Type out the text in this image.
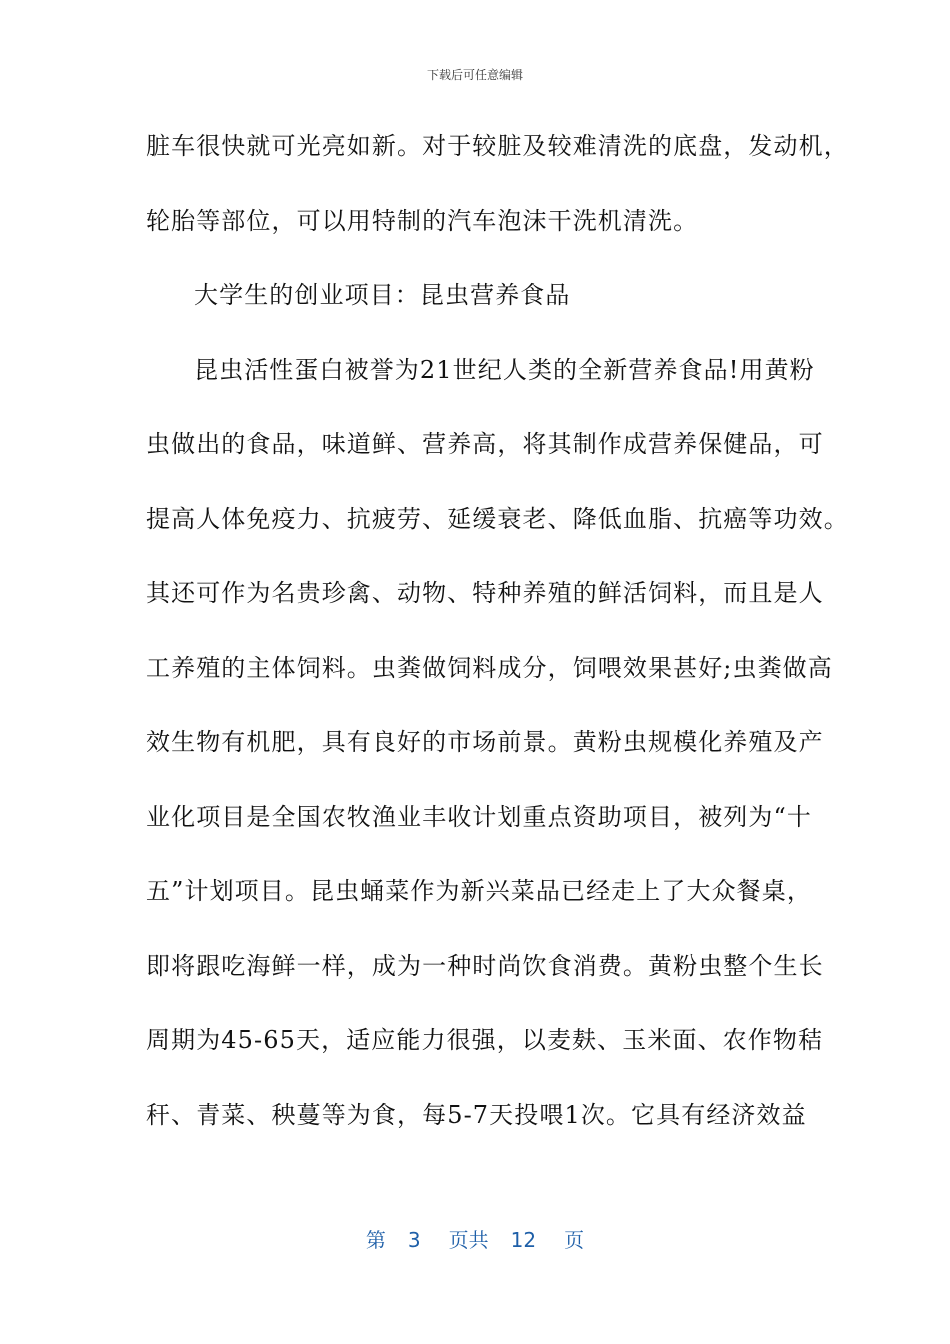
下载后可任意编辑
脏车很快就可光亮如新。对于较脏及较难清洗的底盘，发动机，
轮胎等部位，可以用特制的汽车泡沫干洗机清洗。
大学生的创业项目：昆虫营养食品
昆虫活性蛋白被誉为21世纪人类的全新营养食品!用黄粉
虫做出的食品，味道鲜、营养高，将其制作成营养保健品，可
提高人体免疫力、抗疲劳、延缓衰老、降低血脂、抗癌等功效。
其还可作为名贵珍禽、动物、特种养殖的鲜活饲料，而且是人
工养殖的主体饲料。虫粪做饲料成分，饲喂效果甚好;虫粪做高
效生物有机肥，具有良好的市场前景。黄粉虫规模化养殖及产
业化项目是全国农牧渔业丰收计划重点资助项目，被列为“十
五”计划项目。昆虫蛹菜作为新兴菜品已经走上了大众餐桌，
即将跟吃海鲜一样，成为一种时尚饮食消费。黄粉虫整个生长
周期为45-65天，适应能力很强，以麦麸、玉米面、农作物秸
秆、青菜、秧蔓等为食，每5-7天投喂1次。它具有经济效益
第 3 页共 12 页
